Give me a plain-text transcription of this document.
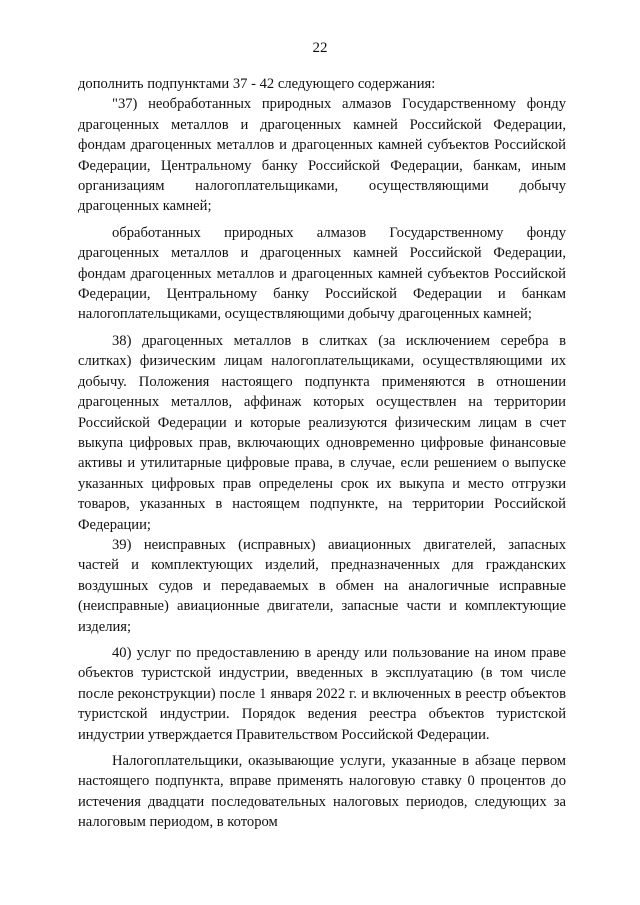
22

дополнить подпунктами 37 - 42 следующего содержания:

"37) необработанных природных алмазов Государственному фонду драгоценных металлов и драгоценных камней Российской Федерации, фондам драгоценных металлов и драгоценных камней субъектов Российской Федерации, Центральному банку Российской Федерации, банкам, иным организациям налогоплательщиками, осуществляющими добычу драгоценных камней;

обработанных природных алмазов Государственному фонду драгоценных металлов и драгоценных камней Российской Федерации, фондам драгоценных металлов и драгоценных камней субъектов Российской Федерации, Центральному банку Российской Федерации и банкам налогоплательщиками, осуществляющими добычу драгоценных камней;

38) драгоценных металлов в слитках (за исключением серебра в слитках) физическим лицам налогоплательщиками, осуществляющими их добычу. Положения настоящего подпункта применяются в отношении драгоценных металлов, аффинаж которых осуществлен на территории Российской Федерации и которые реализуются физическим лицам в счет выкупа цифровых прав, включающих одновременно цифровые финансовые активы и утилитарные цифровые права, в случае, если решением о выпуске указанных цифровых прав определены срок их выкупа и место отгрузки товаров, указанных в настоящем подпункте, на территории Российской Федерации;

39) неисправных (исправных) авиационных двигателей, запасных частей и комплектующих изделий, предназначенных для гражданских воздушных судов и передаваемых в обмен на аналогичные исправные (неисправные) авиационные двигатели, запасные части и комплектующие изделия;

40) услуг по предоставлению в аренду или пользование на ином праве объектов туристской индустрии, введенных в эксплуатацию (в том числе после реконструкции) после 1 января 2022 г. и включенных в реестр объектов туристской индустрии. Порядок ведения реестра объектов туристской индустрии утверждается Правительством Российской Федерации.

Налогоплательщики, оказывающие услуги, указанные в абзаце первом настоящего подпункта, вправе применять налоговую ставку 0 процентов до истечения двадцати последовательных налоговых периодов, следующих за налоговым периодом, в котором
